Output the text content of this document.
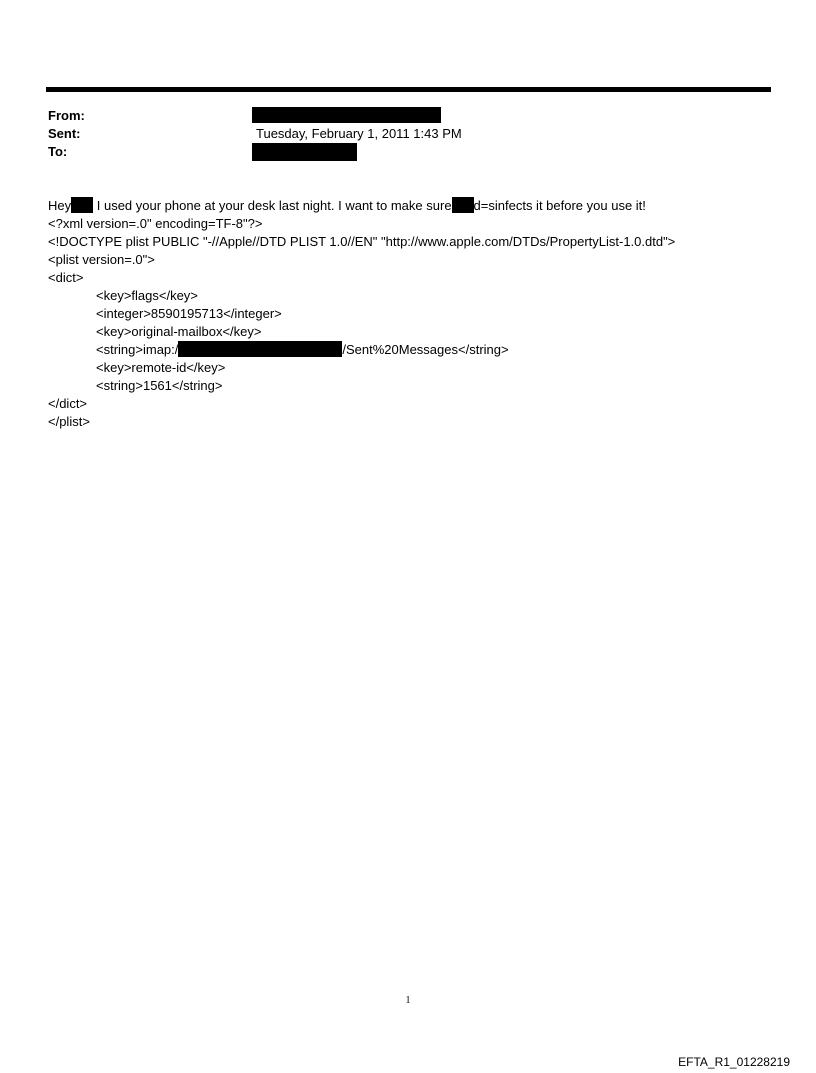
From:
Sent:	Tuesday, February 1, 2011 1:43 PM
To:
Hey I used your phone at your desk last night. I want to make sure d=sinfects it before you use it!
<?xml version=.0" encoding=TF-8"?>
<!DOCTYPE plist PUBLIC "-//Apple//DTD PLIST 1.0//EN" "http://www.apple.com/DTDs/PropertyList-1.0.dtd">
<plist version=.0">
<dict>
<key>flags</key>
<integer>8590195713</integer>
<key>original-mailbox</key>
<string>imap:/	/Sent%20Messages</string>
<key>remote-id</key>
<string>1561</string>
</dict>
</plist>
1
EFTA_R1_01228219
